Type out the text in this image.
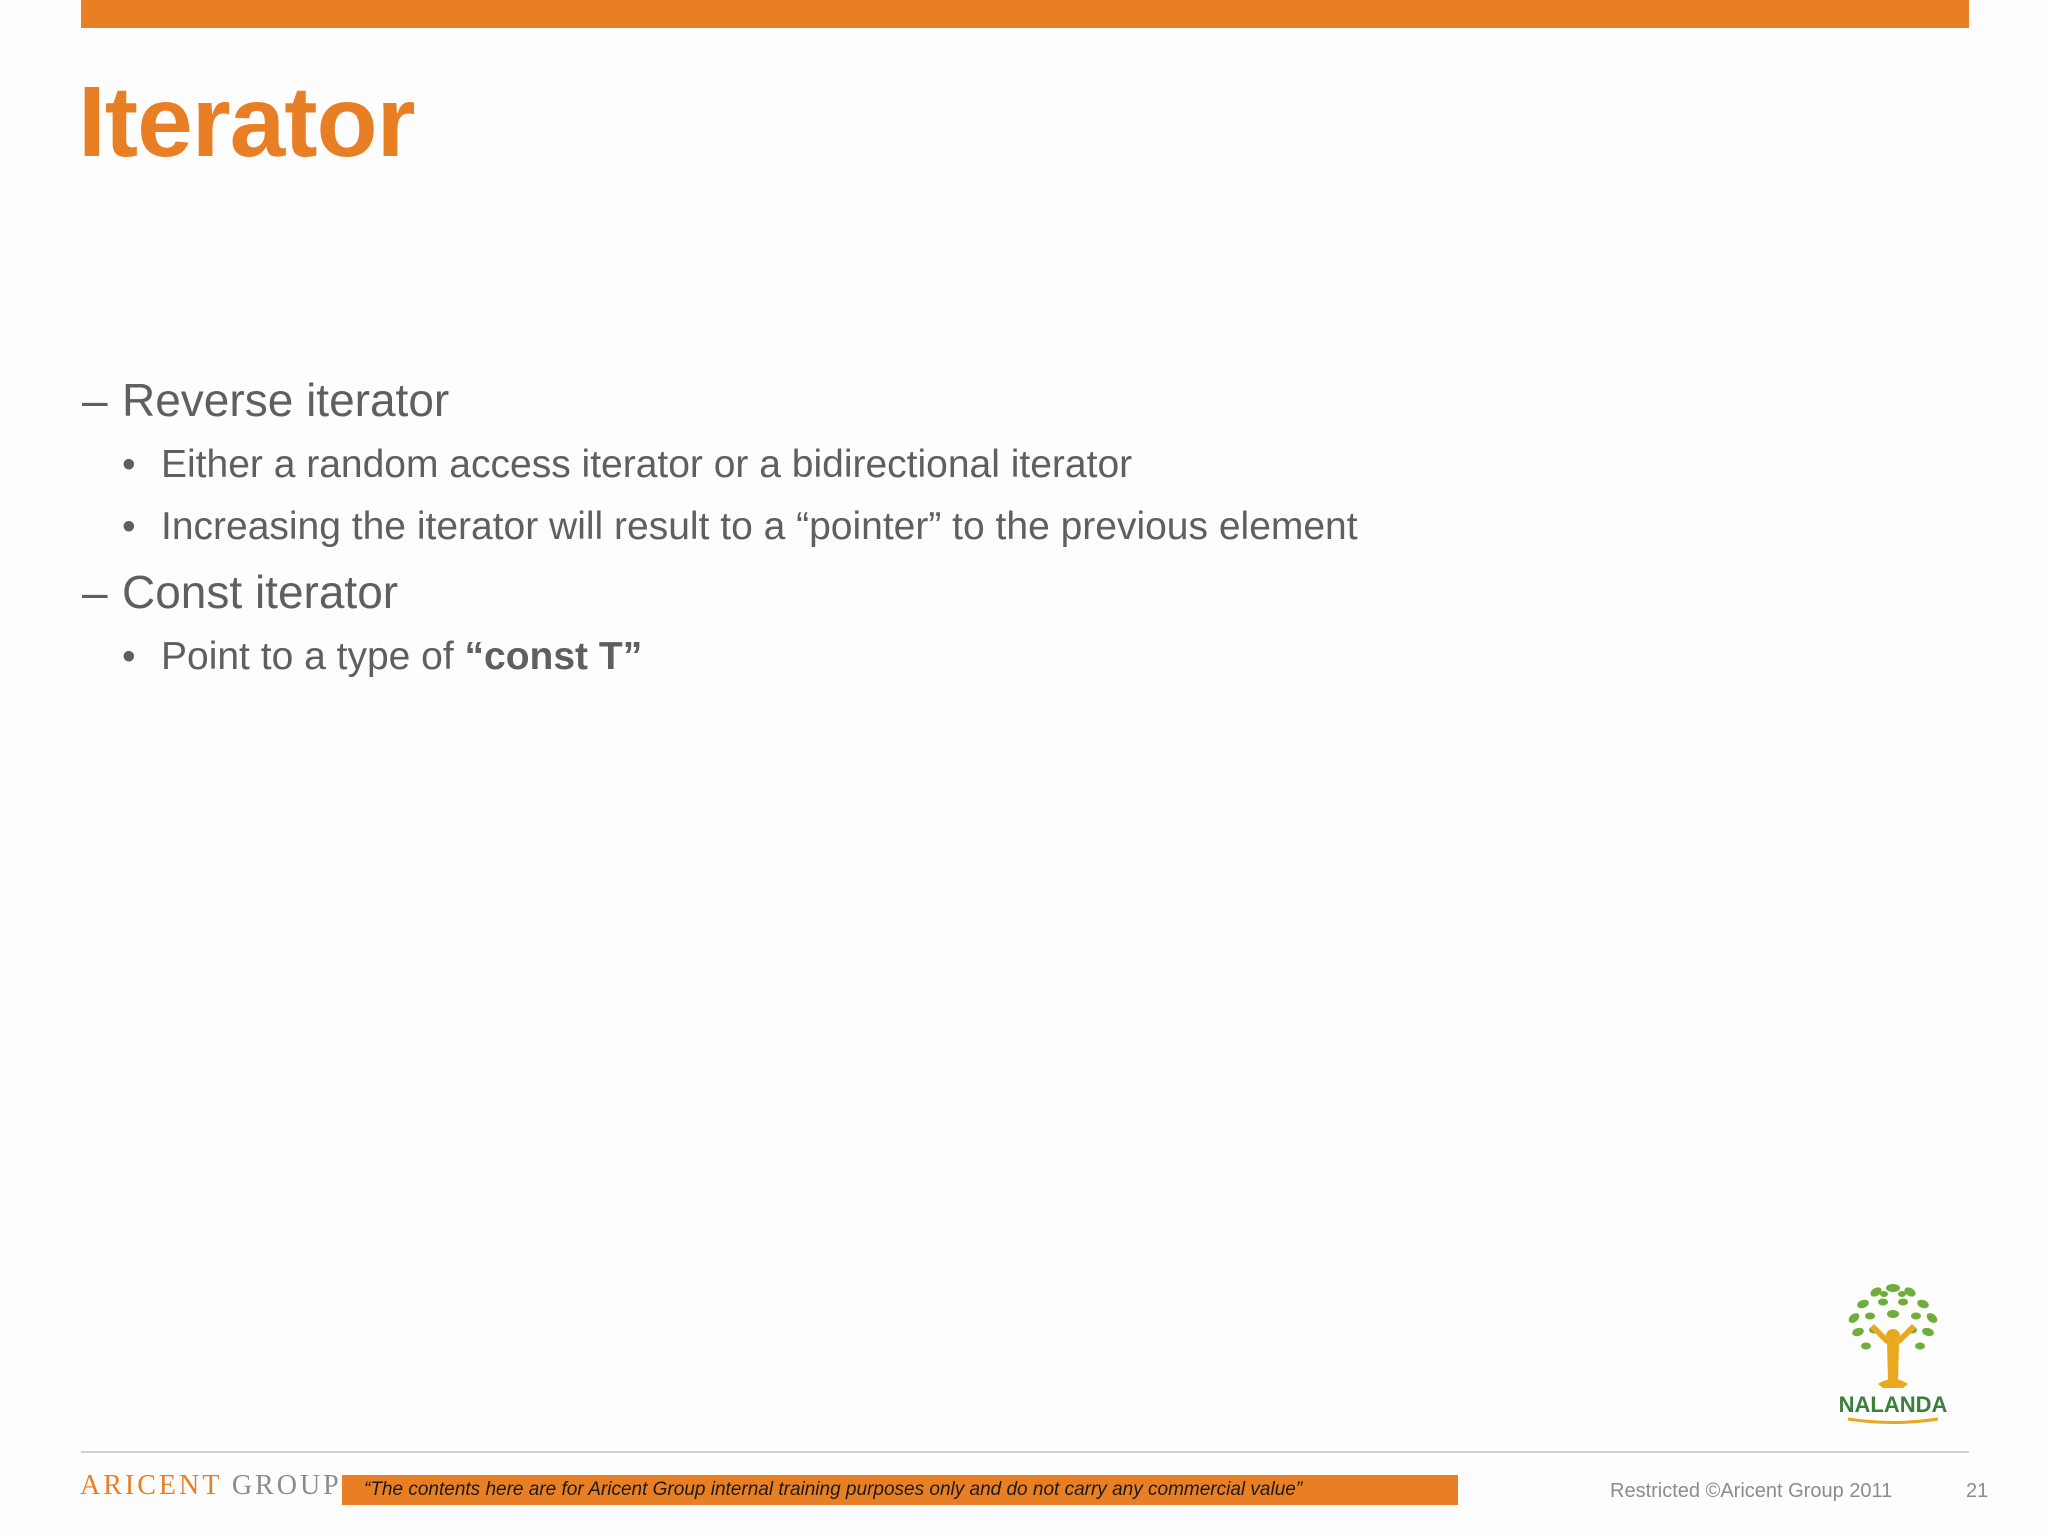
Iterator
– Reverse iterator
• Either a random access iterator or a bidirectional iterator
• Increasing the iterator will result to a “pointer” to the previous element
– Const iterator
• Point to a type of “const T”
NALANDA
ARICENT GROUP	“The contents here are for Aricent Group internal training purposes only and do not carry any commercial value”	Restricted ©Aricent Group 2011	21
